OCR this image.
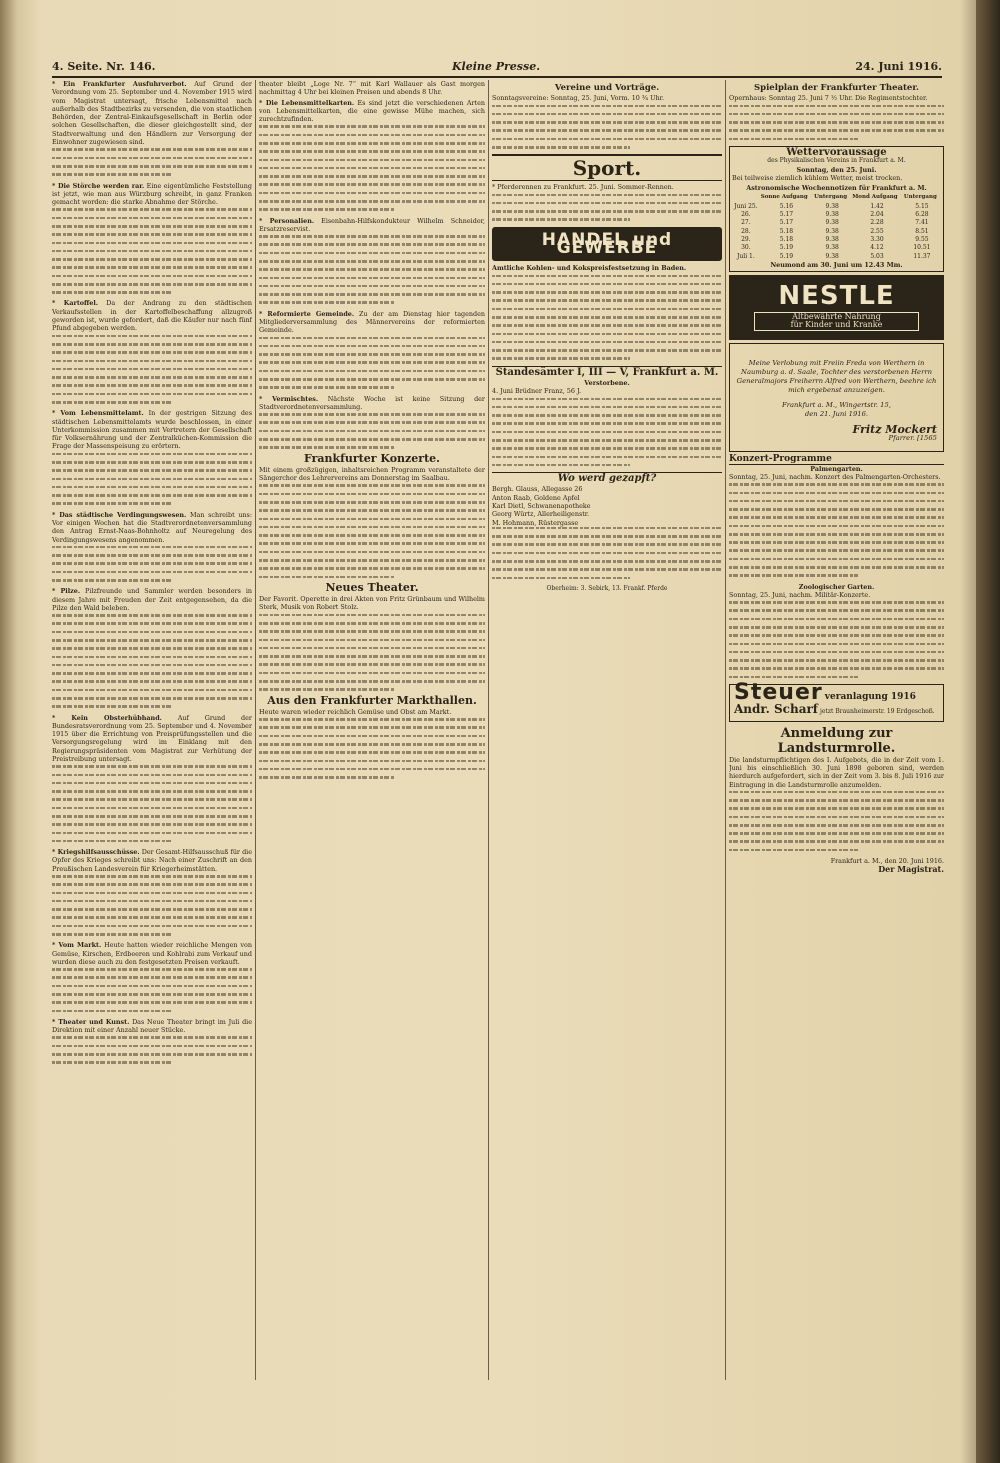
4. Seite. Nr. 146.	Kleine Presse.	24. Juni 1916.

* Ein Frankfurter Ausfuhrverbot. Auf Grund der Verordnung vom 25. September und 4. November 1915 wird vom Magistrat untersagt, frische Lebensmittel nach außerhalb des Stadtbezirks zu versenden, die von staatlichen Behörden, der Zentral-Einkaufsgesellschaft in Berlin oder solchen Gesellschaften, die dieser gleichgestellt sind, der Stadtverwaltung und den Händlern zur Versorgung der Einwohner zugewiesen sind.

* Die Störche werden rar. Eine eigentümliche Feststellung ist jetzt, wie man aus Würzburg schreibt, in ganz Franken gemacht worden: die starke Abnahme der Störche.

* Kartoffel. Da der Andrang zu den städtischen Verkaufsstellen in der Kartoffelbeschaffung allzugroß geworden ist, wurde gefordert, daß die Käufer nur nach fünf Pfund abgegeben werden.

* Vom Lebensmittelamt. In der gestrigen Sitzung des städtischen Lebensmittelamts wurde beschlossen, in einer Unterkommission zusammen mit Vertretern der Gesellschaft für Volksernährung und der Zentralküchen-Kommission die Frage der Massenspeisung zu erörtern.

* Das städtische Verdingungswesen. Man schreibt uns: Vor einigen Wochen hat die Stadtverordnetenversammlung den Antrag Ernst-Naas-Bohnholtz auf Neuregelung des Verdingungswesens angenommen.

* Pilze. Pilzfreunde und Sammler werden besonders in diesem Jahre mit Freuden der Zeit entgegensehen, da die Pilze den Wald beleben.

* Kein Obsterhübhand. Auf Grund der Bundesratsverordnung vom 25. September und 4. November 1915 über die Errichtung von Preisprüfungsstellen und die Versorgungsregelung wird im Einklang mit den Regierungspräsidenten vom Magistrat zur Verhütung der Preistreibung untersagt.

* Kriegshilfsausschüsse. Der Gesamt-Hilfsausschuß für die Opfer des Krieges schreibt uns: Nach einer Zuschrift an den Preußischen Landesverein für Kriegerheimstätten.

* Vom Markt. Heute hatten wieder reichliche Mengen von Gemüse, Kirschen, Erdbeeren und Kohlrabi zum Verkauf und wurden diese auch zu den festgesetzten Preisen verkauft.

* Theater und Kunst. Das Neue Theater bringt im Juli die Direktion mit einer Anzahl neuer Stücke.

theater bleibt „Loge Nr. 7“ mit Karl Wallauer als Gast morgen nachmittag 4 Uhr bei kleinen Preisen und abends 8 Uhr.

* Die Lebensmittelkarten. Es sind jetzt die verschiedenen Arten von Lebensmittelkarten, die eine gewisse Mühe machen, sich zurechtzufinden.

* Personalien. Eisenbahn-Hilfskondukteur Wilhelm Schneider, Ersatzreservist.

* Reformierte Gemeinde. Zu der am Dienstag hier tagenden Mitgliederversammlung des Männervereins der reformierten Gemeinde.

* Vermischtes. Nächste Woche ist keine Sitzung der Stadtverordnetenversammlung.

Frankfurter Konzerte.

Mit einem großzügigen, inhaltsreichen Programm veranstaltete der Sängerchor des Lehrervereins am Donnerstag im Saalbau.

Neues Theater.

Der Favorit. Operette in drei Akten von Fritz Grünbaum und Wilhelm Sterk, Musik von Robert Stolz.

Aus den Frankfurter Markthallen.

Heute waren wieder reichlich Gemüse und Obst am Markt.

Vereine und Vorträge.

Sonntagsvereine: Sonntag, 25. Juni, Vorm. 10 ¾ Uhr.

Sport.

* Pferderennen zu Frankfurt. 25. Juni. Sommer-Rennen.

HANDEL und GEWERBE

Amtliche Kohlen- und Kokspreisfestsetzung in Baden.

Standesämter I, III — V, Frankfurt a. M.
Verstorbene.

4. Juni Brüdner Franz, 56 J.

Wo werd gezapft?
Bergh. Glauss, Allegasse 26
Anton Raab, Goldene Apfel
Karl Dietl, Schwanenapotheke
Georg Würtz, Allerheiligenstr.
M. Hohmann, Rüstergasse
Oberheim: 3. Sebirk, 13. Frankf. Pferde
Spielplan der Frankfurter Theater.

Opernhaus: Sonntag 25. Juni 7 ½ Uhr. Die Regimentstochter.

Wettervoraussage
des Physikalischen Vereins in Frankfurt a. M.
Sonntag, den 25. Juni.

Bei teilweise ziemlich kühlem Wetter, meist trocken.

Astronomische Wochennotizen für Frankfurt a. M.
	Sonne Aufgang	Untergang	Mond Aufgang	Untergang
Juni 25.	5.16	9.38	1.42	5.15
26.	5.17	9.38	2.04	6.28
27.	5.17	9.38	2.28	7.41
28.	5.18	9.38	2.55	8.51
29.	5.18	9.38	3.30	9.55
30.	5.19	9.38	4.12	10.51
Juli 1.	5.19	9.38	5.03	11.37
Neumond am 30. Juni um 12.43 Mm.
NESTLE
Altbewährte Nahrung
für Kinder und Kranke

Meine Verlobung mit Freiin Freda von Werthern in Naumburg a. d. Saale, Tochter des verstorbenen Herrn Generalmajors Freiherrn Alfred von Werthern, beehre ich mich ergebenst anzuzeigen.

Frankfurt a. M., Wingertstr. 15,
den 21. Juni 1916.
Fritz Mockert
Pfarrer. [1565
Konzert-Programme
Palmengarten.

Sonntag, 25. Juni, nachm. Konzert des Palmengarten-Orchesters.

Zoologischer Garten.

Sonntag, 25. Juni, nachm. Militär-Konzerte.

Steuer veranlagung 1916
Andr. Scharf jetzt Braunheimerstr. 19 Erdgeschoß.
Anmeldung zur Landsturmrolle.

Die landsturmpflichtigen des I. Aufgebots, die in der Zeit vom 1. Juni bis einschließlich 30. Juni 1898 geboren sind, werden hierdurch aufgefordert, sich in der Zeit vom 3. bis 8. Juli 1916 zur Eintragung in die Landsturmrolle anzumelden.

Frankfurt a. M., den 20. Juni 1916.
Der Magistrat.
